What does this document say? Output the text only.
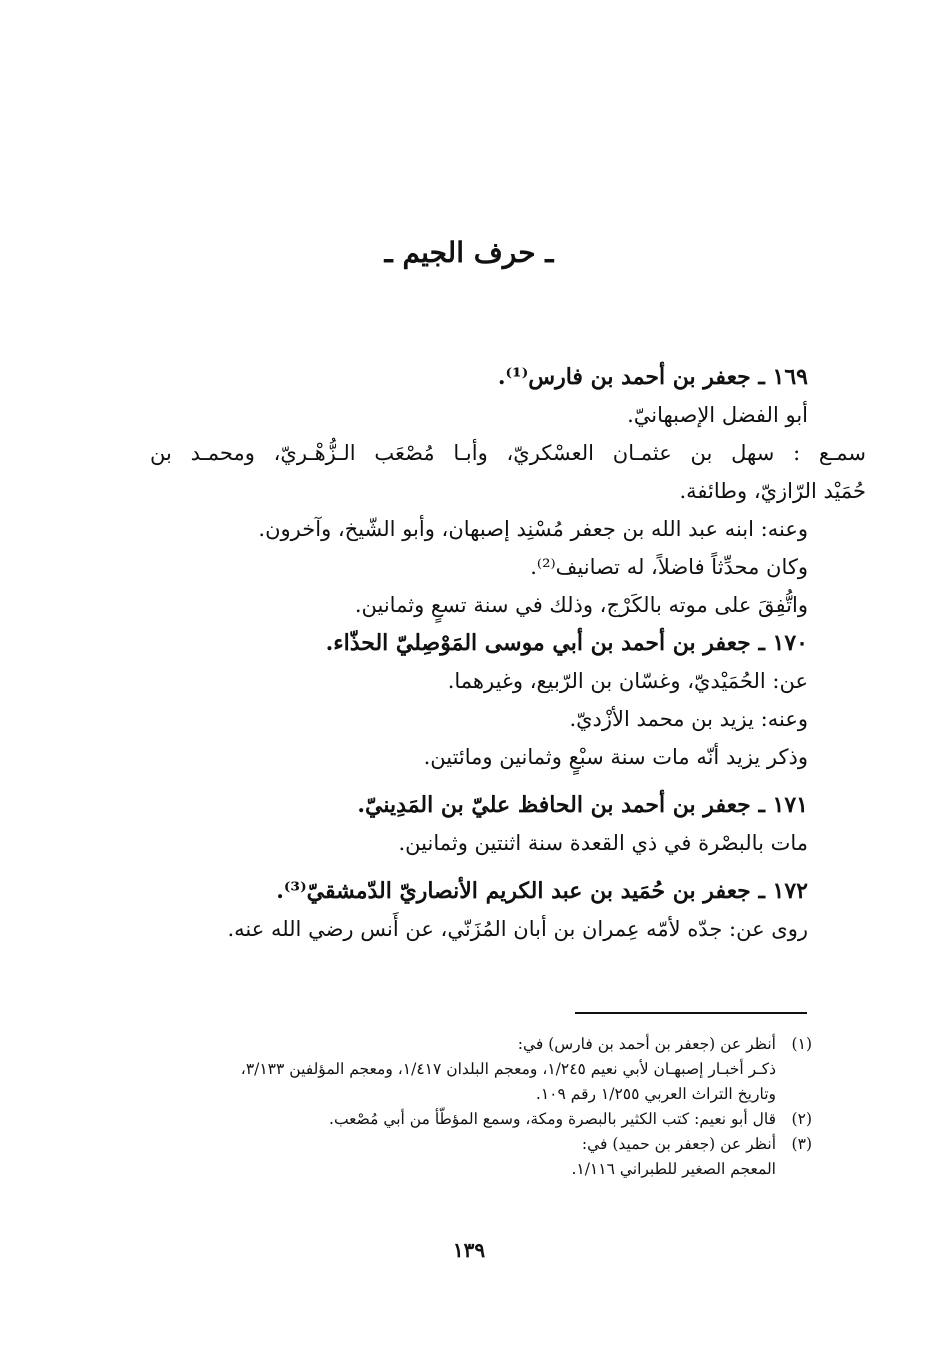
ـ حرف الجيم ـ
١٦٩ ـ جعفر بن أحمد بن فارس⁽¹⁾.
أبو الفضل الإصبهانيّ.
سمـع : سهل بن عثمـان العسْكريّ، وأبـا مُصْعَب الـزُّهْـريّ، ومحمـد بن
حُمَيْد الرّازيّ، وطائفة.
وعنه: ابنه عبد الله بن جعفر مُسْنِد إصبهان، وأبو الشّيخ، وآخرون.
وكان محدِّثاً فاضلاً، له تصانيف⁽²⁾.
واتُّفِقَ على موته بالكَرْج، وذلك في سنة تسعٍ وثمانين.
١٧٠ ـ جعفر بن أحمد بن أبي موسى المَوْصِليّ الحذّاء.
عن: الحُمَيْديّ، وغسّان بن الرّبيع، وغيرهما.
وعنه: يزيد بن محمد الأزْديّ.
وذكر يزيد أنّه مات سنة سبْعٍ وثمانين ومائتين.
١٧١ ـ جعفر بن أحمد بن الحافظ عليّ بن المَدِينيّ.
مات بالبصْرة في ذي القعدة سنة اثنتين وثمانين.
١٧٢ ـ جعفر بن حُمَيد بن عبد الكريم الأنصاريّ الدّمشقيّ⁽³⁾.
روى عن: جدّه لأمّه عِمران بن أبان المُزَنّي، عن أَنس رضي الله عنه.
(١)أنظر عن (جعفر بن أحمد بن فارس) في:
ذكـر أخبـار إصبهـان لأبي نعيم ١/٢٤٥، ومعجم البلدان ١/٤١٧، ومعجم المؤلفين ٣/١٣٣،
وتاريخ التراث العربي ١/٢٥٥ رقم ١٠٩.
(٢)قال أبو نعيم: كتب الكثير بالبصرة ومكة، وسمع المؤطّأ من أبي مُصْعب.
(٣)أنظر عن (جعفر بن حميد) في:
المعجم الصغير للطبراني ١/١١٦.
١٣٩
